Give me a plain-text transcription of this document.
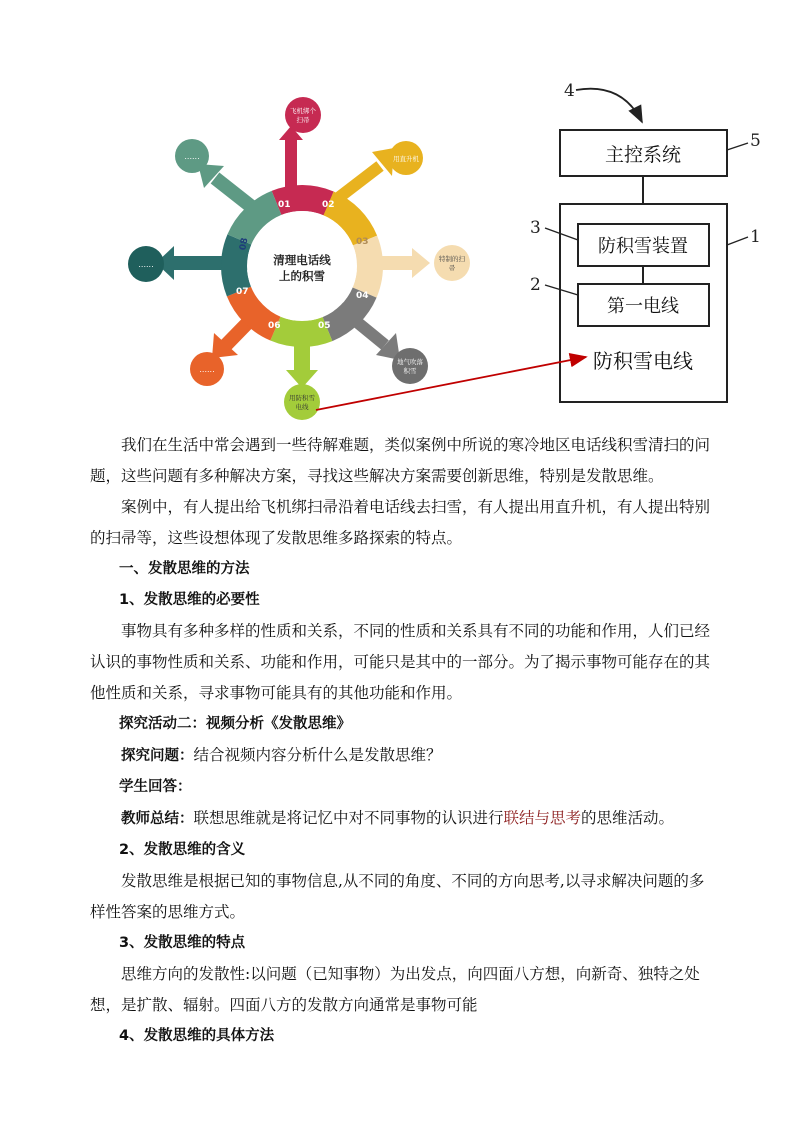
清理电话线
上的积雪
01	02
03
04
05
06
07
08
飞机绑个
扫帚
用直升机
特制的扫
帚
地气吹落
积雪
用防积雪
电线
......
......
......
4
主控系统
5
1
防积雪装置
3
第一电线
2
防积雪电线

我们在生活中常会遇到一些待解难题，类似案例中所说的寒冷地区电话线积雪清扫的问题，这些问题有多种解决方案，寻找这些解决方案需要创新思维，特别是发散思维。

案例中，有人提出给飞机绑扫帚沿着电话线去扫雪，有人提出用直升机，有人提出特别的扫帚等，这些设想体现了发散思维多路探索的特点。

一、发散思维的方法

1、发散思维的必要性

事物具有多种多样的性质和关系，不同的性质和关系具有不同的功能和作用，人们已经认识的事物性质和关系、功能和作用，可能只是其中的一部分。为了揭示事物可能存在的其他性质和关系，寻求事物可能具有的其他功能和作用。

探究活动二：视频分析《发散思维》

探究问题：结合视频内容分析什么是发散思维？

学生回答：

教师总结：联想思维就是将记忆中对不同事物的认识进行联结与思考的思维活动。

2、发散思维的含义

发散思维是根据已知的事物信息,从不同的角度、不同的方向思考,以寻求解决问题的多样性答案的思维方式。

3、发散思维的特点

思维方向的发散性:以问题（已知事物）为出发点，向四面八方想，向新奇、独特之处想，是扩散、辐射。四面八方的发散方向通常是事物可能

4、发散思维的具体方法
